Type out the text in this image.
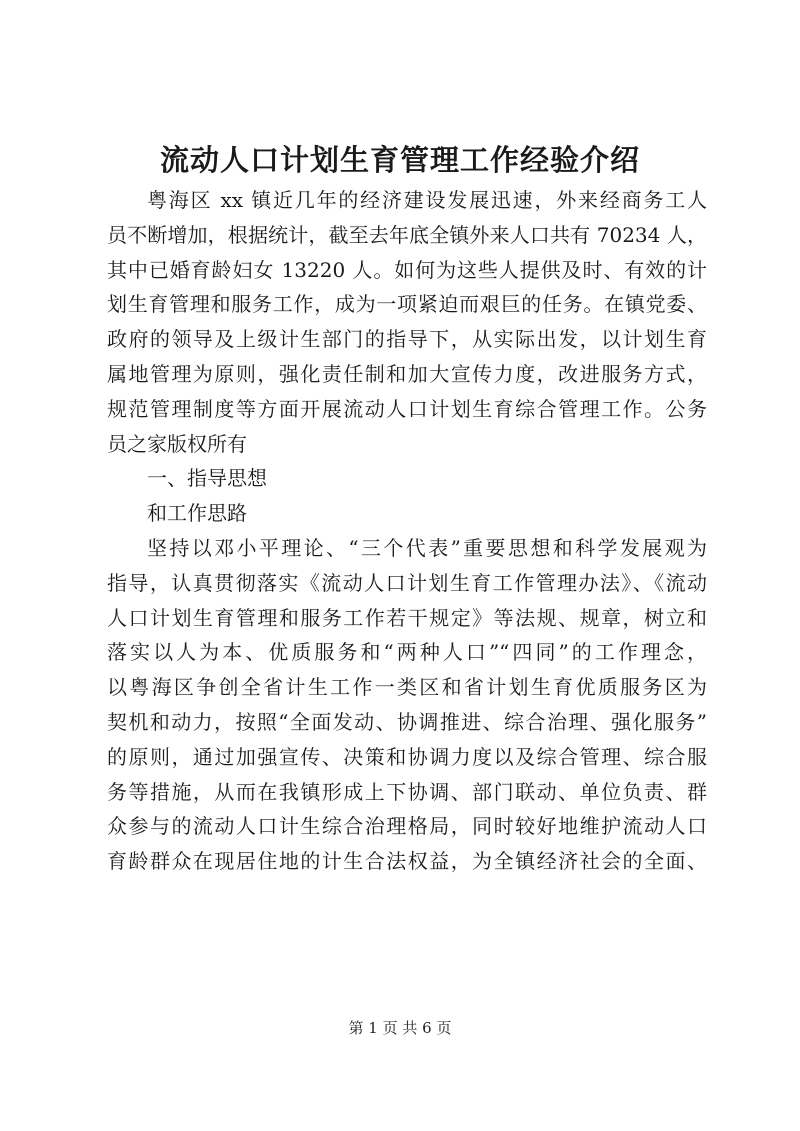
流动人口计划生育管理工作经验介绍
粤海区 xx 镇近几年的经济建设发展迅速，外来经商务工人
员不断增加，根据统计，截至去年底全镇外来人口共有 70234 人，
其中已婚育龄妇女 13220 人。如何为这些人提供及时、有效的计
划生育管理和服务工作，成为一项紧迫而艰巨的任务。在镇党委、
政府的领导及上级计生部门的指导下，从实际出发，以计划生育
属地管理为原则，强化责任制和加大宣传力度，改进服务方式，
规范管理制度等方面开展流动人口计划生育综合管理工作。公务
员之家版权所有
一、指导思想
和工作思路
坚持以邓小平理论、“三个代表”重要思想和科学发展观为
指导，认真贯彻落实《流动人口计划生育工作管理办法》、《流动
人口计划生育管理和服务工作若干规定》等法规、规章，树立和
落实以人为本、优质服务和“两种人口”“四同”的工作理念，
以粤海区争创全省计生工作一类区和省计划生育优质服务区为
契机和动力，按照“全面发动、协调推进、综合治理、强化服务”
的原则，通过加强宣传、决策和协调力度以及综合管理、综合服
务等措施，从而在我镇形成上下协调、部门联动、单位负责、群
众参与的流动人口计生综合治理格局，同时较好地维护流动人口
育龄群众在现居住地的计生合法权益，为全镇经济社会的全面、
第 1 页 共 6 页
